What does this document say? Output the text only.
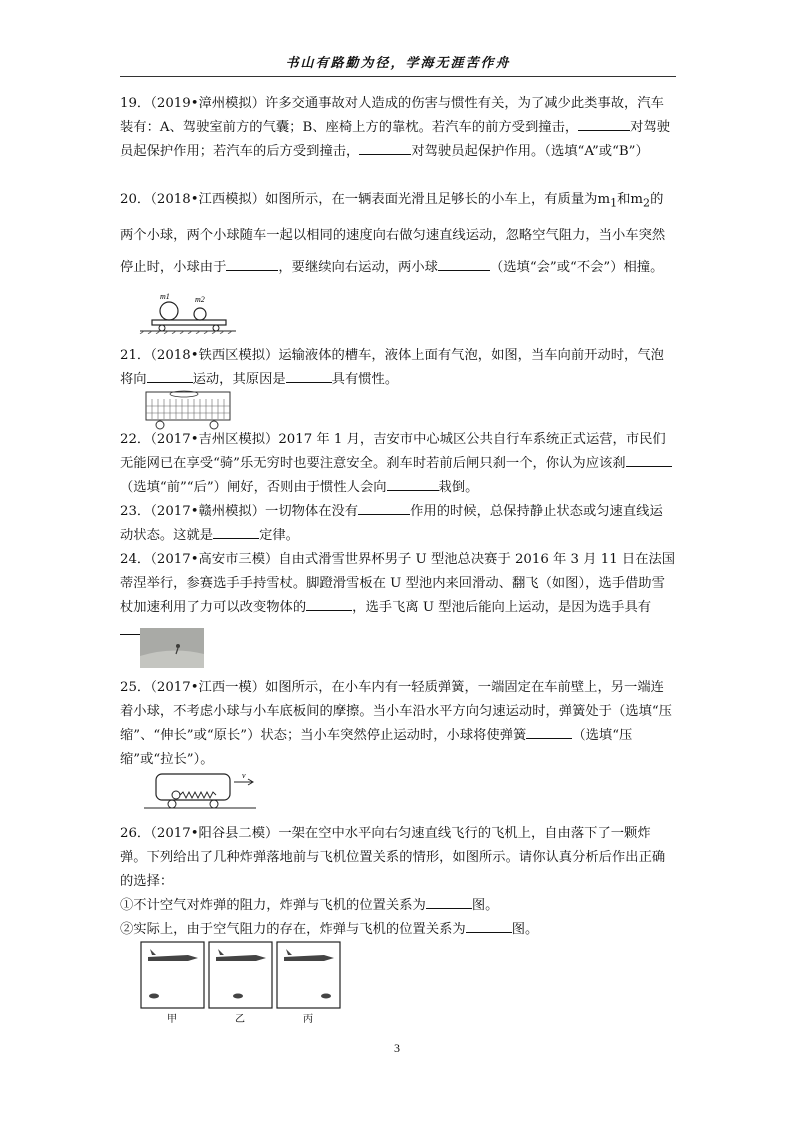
书山有路勤为径，学海无涯苦作舟

19．（2019•漳州模拟）许多交通事故对人造成的伤害与惯性有关，为了减少此类事故，汽车装有：A、驾驶室前方的气囊；B、座椅上方的靠枕。若汽车的前方受到撞击，	对驾驶员起保护作用；若汽车的后方受到撞击，	对驾驶员起保护作用。（选填“A”或“B”）

20．（2018•江西模拟）如图所示，在一辆表面光滑且足够长的小车上，有质量为$m_1$和$m_2$的两个小球，两个小球随车一起以相同的速度向右做匀速直线运动，忽略空气阻力，当小车突然停止时，小球由于	，要继续向右运动，两小球	（选填“会”或“不会”）相撞。

m1	m2

21．（2018•铁西区模拟）运输液体的槽车，液体上面有气泡，如图，当车向前开动时，气泡将向	运动，其原因是	具有惯性。

22．（2017•吉州区模拟）2017 年 1 月，吉安市中心城区公共自行车系统正式运营，市民们无能网已在享受“骑”乐无穷时也要注意安全。刹车时若前后闸只刹一个，你认为应该刹（选填“前”“后”）闸好，否则由于惯性人会向	栽倒。

23．（2017•赣州模拟）一切物体在没有	作用的时候，总保持静止状态或匀速直线运动状态。这就是	定律。

24．（2017•高安市三模）自由式滑雪世界杯男子 U 型池总决赛于 2016 年 3 月 11 日在法国蒂涅举行，参赛选手手持雪杖。脚蹬滑雪板在 U 型池内来回滑动、翻飞（如图），选手借助雪杖加速利用了力可以改变物体的	，选手飞离 U 型池后能向上运动，是因为选手具有

25．（2017•江西一模）如图所示，在小车内有一轻质弹簧，一端固定在车前壁上，另一端连着小球，不考虑小球与小车底板间的摩擦。当小车沿水平方向匀速运动时，弹簧处于（选填“压缩”、“伸长”或“原长”）状态；当小车突然停止运动时，小球将使弹簧	（选填“压缩”或“拉长”）。

v

26．（2017•阳谷县二模）一架在空中水平向右匀速直线飞行的飞机上，自由落下了一颗炸弹。下列给出了几种炸弹落地前与飞机位置关系的情形，如图所示。请你认真分析后作出正确的选择：
①不计空气对炸弹的阻力，炸弹与飞机的位置关系为	图。
②实际上，由于空气阻力的存在，炸弹与飞机的位置关系为	图。

甲	乙	丙
3
